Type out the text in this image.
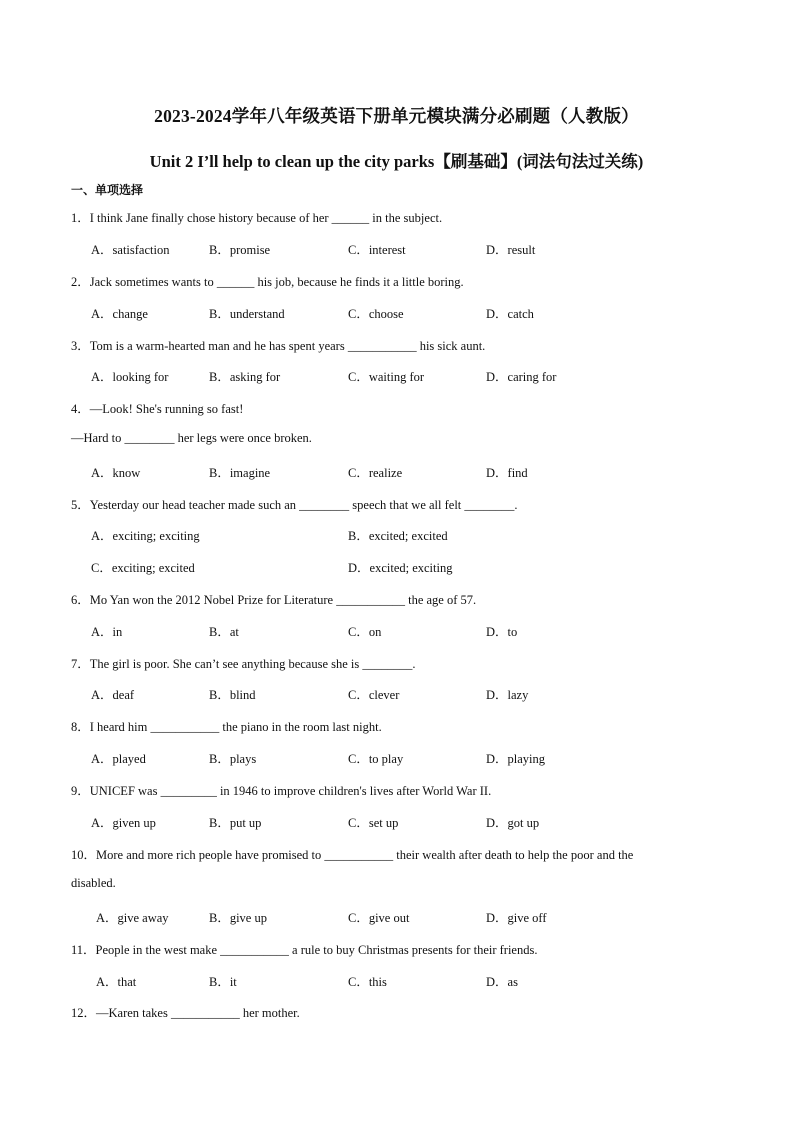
2023-2024学年八年级英语下册单元模块满分必刷题（人教版）
Unit 2 I’ll help to clean up the city parks【刷基础】(词法句法过关练)
一、单项选择
1．I think Jane finally chose history because of her ______ in the subject.
A．satisfaction	B．promise	C．interest	D．result
2．Jack sometimes wants to ______ his job, because he finds it a little boring.
A．change	B．understand	C．choose	D．catch
3．Tom is a warm-hearted man and he has spent years ___________ his sick aunt.
A．looking for	B．asking for	C．waiting for	D．caring for
4．—Look! She's running so fast!
—Hard to ________ her legs were once broken.
A．know	B．imagine	C．realize	D．find
5．Yesterday our head teacher made such an ________ speech that we all felt ________.
A．exciting; exciting	B．excited; excited
C．exciting; excited	D．excited; exciting
6．Mo Yan won the 2012 Nobel Prize for Literature ___________ the age of 57.
A．in	B．at	C．on	D．to
7．The girl is poor. She can’t see anything because she is ________.
A．deaf	B．blind	C．clever	D．lazy
8．I heard him ___________ the piano in the room last night.
A．played	B．plays	C．to play	D．playing
9．UNICEF was _________ in 1946 to improve children's lives after World War II.
A．given up	B．put up	C．set up	D．got up
10．More and more rich people have promised to ___________ their wealth after death to help the poor and the
disabled.
A．give away	B．give up	C．give out	D．give off
11．People in the west make ___________ a rule to buy Christmas presents for their friends.
A．that	B．it	C．this	D．as
12．—Karen takes ___________ her mother.
